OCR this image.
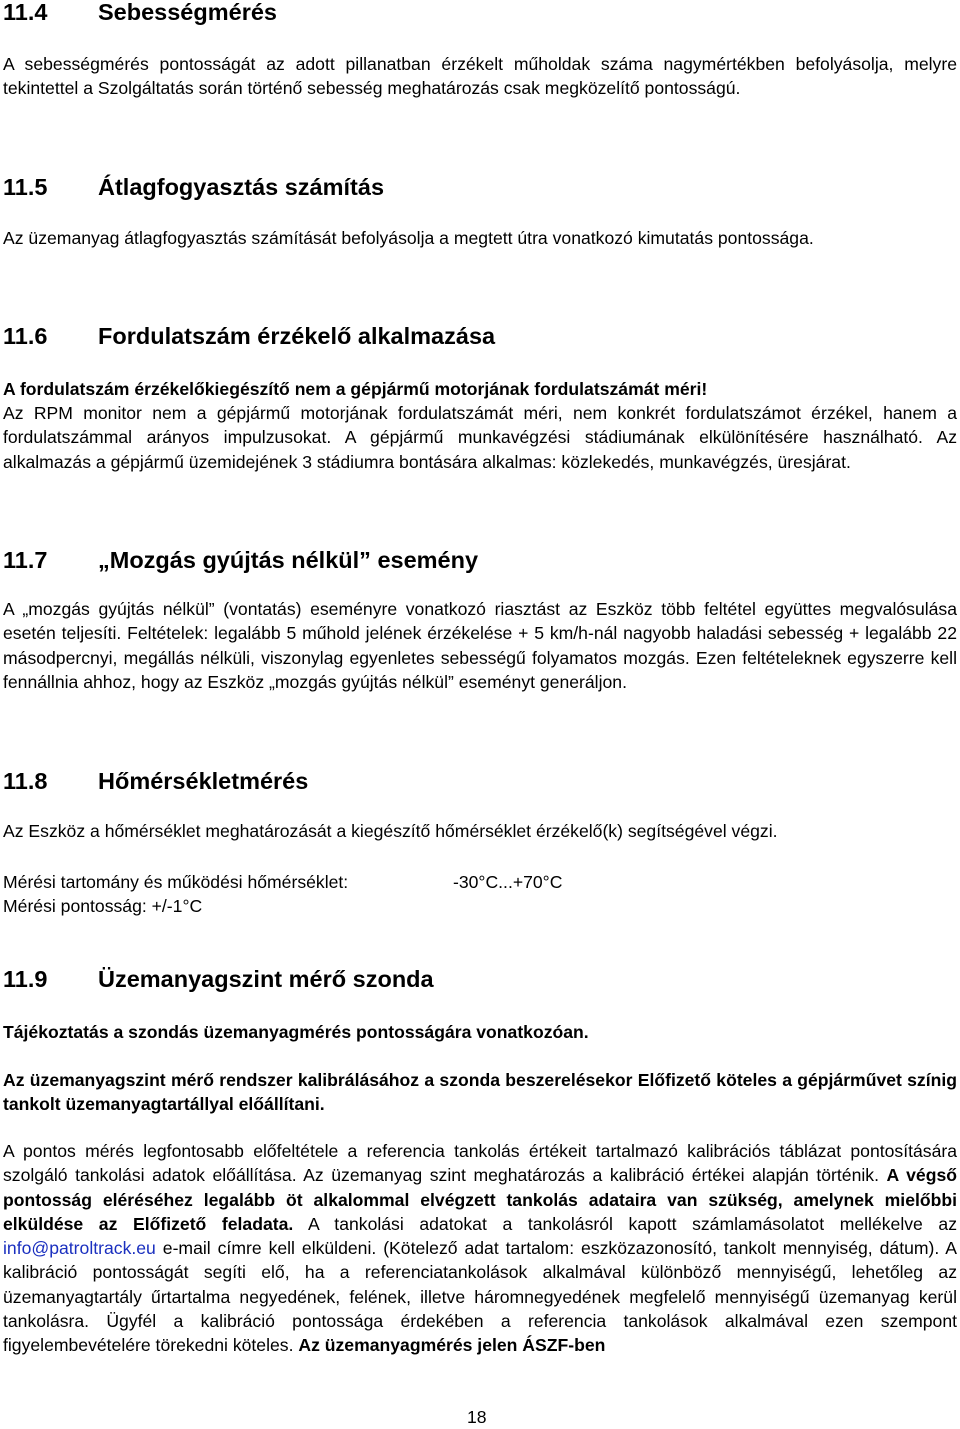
11.4 Sebességmérés

A sebességmérés pontosságát az adott pillanatban érzékelt műholdak száma nagymértékben befolyásolja, melyre tekintettel a Szolgáltatás során történő sebesség meghatározás csak megközelítő pontosságú.

11.5 Átlagfogyasztás számítás

Az üzemanyag átlagfogyasztás számítását befolyásolja a megtett útra vonatkozó kimutatás pontossága.

11.6 Fordulatszám érzékelő alkalmazása

A fordulatszám érzékelőkiegészítő nem a gépjármű motorjának fordulatszámát méri!

Az RPM monitor nem a gépjármű motorjának fordulatszámát méri, nem konkrét fordulatszámot érzékel, hanem a fordulatszámmal arányos impulzusokat. A gépjármű munkavégzési stádiumának elkülönítésére használható. Az alkalmazás a gépjármű üzemidejének 3 stádiumra bontására alkalmas: közlekedés, munkavégzés, üresjárat.

11.7 „Mozgás gyújtás nélkül” esemény

A „mozgás gyújtás nélkül” (vontatás) eseményre vonatkozó riasztást az Eszköz több feltétel együttes megvalósulása esetén teljesíti. Feltételek: legalább 5 műhold jelének érzékelése + 5 km/h-nál nagyobb haladási sebesség + legalább 22 másodpercnyi, megállás nélküli, viszonylag egyenletes sebességű folyamatos mozgás. Ezen feltételeknek egyszerre kell fennállnia ahhoz, hogy az Eszköz „mozgás gyújtás nélkül” eseményt generáljon.

11.8 Hőmérsékletmérés

Az Eszköz a hőmérséklet meghatározását a kiegészítő hőmérséklet érzékelő(k) segítségével végzi.

Mérési tartomány és működési hőmérséklet:	-30°C...+70°C
Mérési pontosság: +/-1°C
11.9 Üzemanyagszint mérő szonda

Tájékoztatás a szondás üzemanyagmérés pontosságára vonatkozóan.

Az üzemanyagszint mérő rendszer kalibrálásához a szonda beszerelésekor Előfizető köteles a gépjárművet színig tankolt üzemanyagtartállyal előállítani.

A pontos mérés legfontosabb előfeltétele a referencia tankolás értékeit tartalmazó kalibrációs táblázat pontosítására szolgáló tankolási adatok előállítása. Az üzemanyag szint meghatározás a kalibráció értékei alapján történik. A végső pontosság eléréséhez legalább öt alkalommal elvégzett tankolás adataira van szükség, amelynek mielőbbi elküldése az Előfizető feladata. A tankolási adatokat a tankolásról kapott számlamásolatot mellékelve az info@patroltrack.eu e-mail címre kell elküldeni. (Kötelező adat tartalom: eszközazonosító, tankolt mennyiség, dátum). A kalibráció pontosságát segíti elő, ha a referenciatankolások alkalmával különböző mennyiségű, lehetőleg az üzemanyagtartály űrtartalma negyedének, felének, illetve háromnegyedének megfelelő mennyiségű üzemanyag kerül tankolásra. Ügyfél a kalibráció pontossága érdekében a referencia tankolások alkalmával ezen szempont figyelembevételére törekedni köteles. Az üzemanyagmérés jelen ÁSZF-ben

18
